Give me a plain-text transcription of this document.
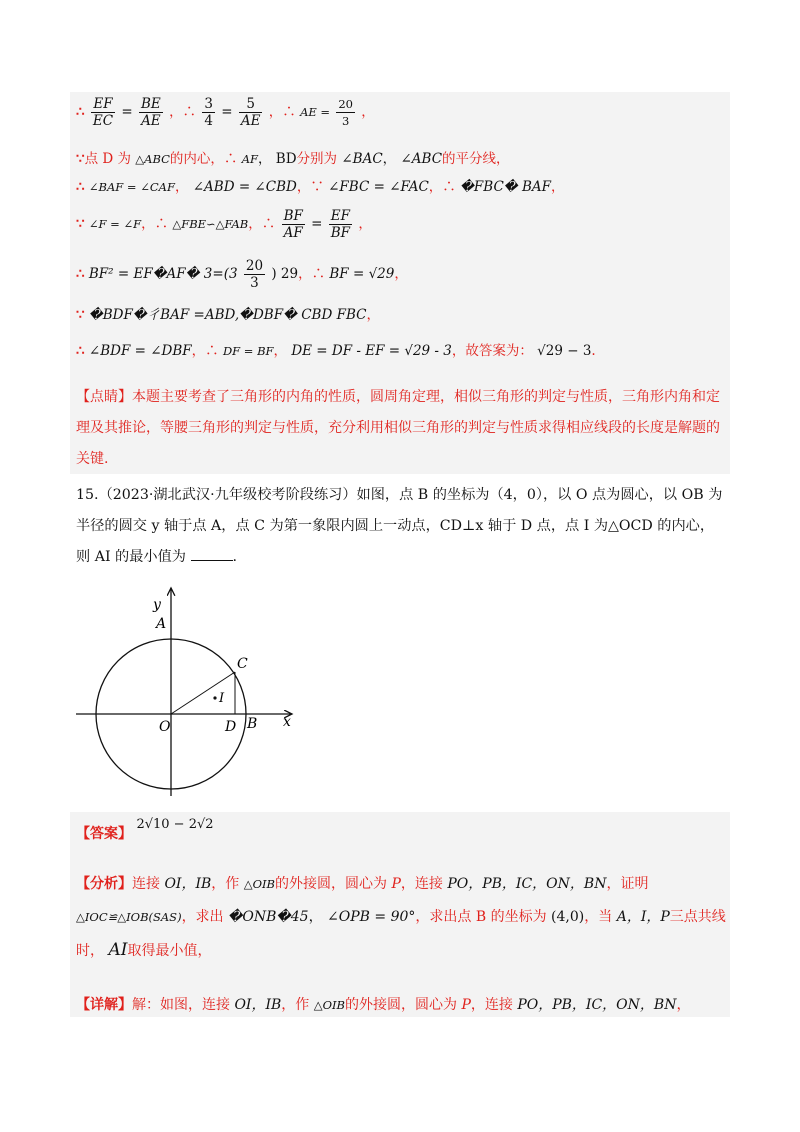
∴ $\frac{EF}{EC} = \frac{BE}{AE}$ ，∴ $\frac{3}{4} = \frac{5}{AE}$ ，∴ AE = $\frac{20}{3}$ ，
∵点 D 为 △ABC的内心，∴ AF， BD分别为 ∠BAC， ∠ABC的平分线，
∴ ∠BAF = ∠CAF， ∠ABD = ∠CBD，∵ ∠FBC = ∠FAC，∴ �FBC� BAF，
∵ ∠F = ∠F，∴ △FBE∽△FAB，∴ $\frac{BF}{AF} = \frac{EF}{BF}$ ，
∴ BF² = EF�AF� $3=(3 \frac{20}{3}$ ) 29，∴ BF = √29，
∵ �BDF�彳BAF =ABD,�DBF� CBD FBC，
∴ ∠BDF = ∠DBF，∴ DF = BF， DE = DF - EF = √29 - 3，故答案为： √29 − 3.
【点睛】本题主要考查了三角形的内角的性质，圆周角定理，相似三角形的判定与性质，三角形内角和定理及其推论，等腰三角形的判定与性质，充分利用相似三角形的判定与性质求得相应线段的长度是解题的关键.
15.（2023·湖北武汉·九年级校考阶段练习）如图，点 B 的坐标为（4，0），以 O 点为圆心，以 OB 为半径的圆交 y 轴于点 A，点 C 为第一象限内圆上一动点，CD⊥x 轴于 D 点，点 I 为△OCD 的内心，则 AI 的最小值为	.
y
x
A
C
I
O	D B
【答案】 2√10 − 2√2
【分析】连接 OI，IB，作 △OIB的外接圆，圆心为 P，连接 PO，PB，IC，ON，BN，证明 △IOC≌△IOB(SAS)，求出 �ONB�45， ∠OPB = 90°，求出点 B 的坐标为 (4,0)，当 A，I，P三点共线时， AI取得最小值，
【详解】解：如图，连接 OI，IB，作 △OIB的外接圆，圆心为 P，连接 PO，PB，IC，ON，BN，
